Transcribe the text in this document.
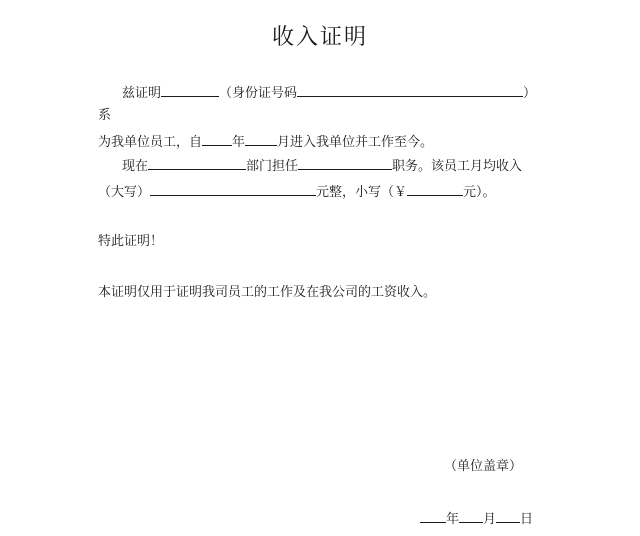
收入证明
兹证明	（身份证号码	）
系
为我单位员工，自 年 月进入我单位并工作至今。
现在	部门担任	职务。该员工月均收入
（大写）	元整，小写（￥	元）。
特此证明！
本证明仅用于证明我司员工的工作及在我公司的工资收入。
（单位盖章）
年 月 日
